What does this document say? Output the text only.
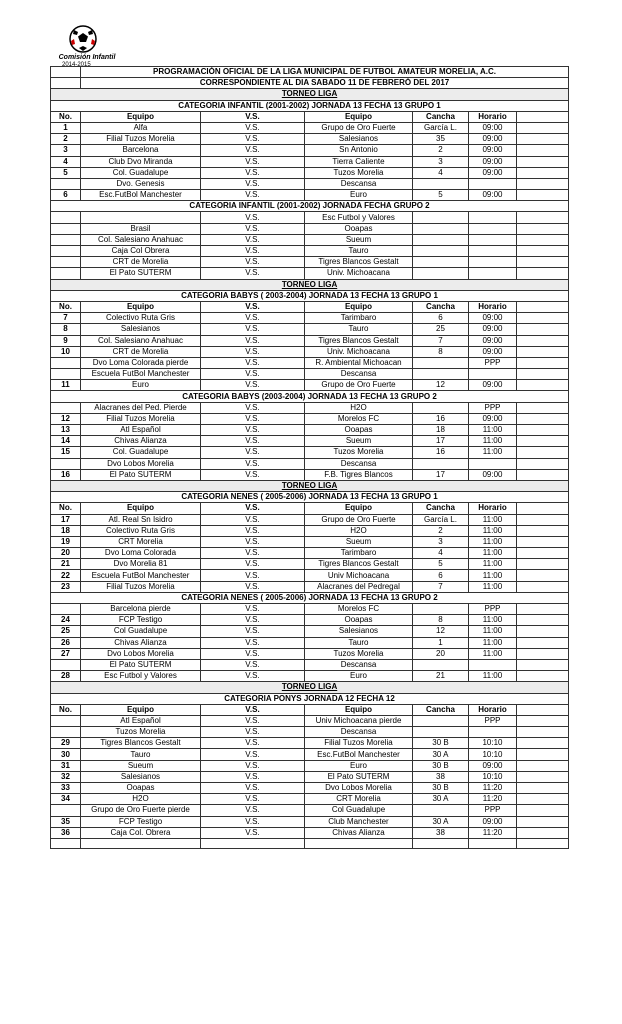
Comisión Infantil
2014-2015
	PROGRAMACIÓN OFICIAL DE LA LIGA MUNICIPAL DE FUTBOL AMATEUR MORELIA, A.C.					
	CORRESPONDIENTE AL DIA SABADO 11 DE FEBRERÓ DEL 2017					
TORNEO LIGA						
CATEGORIA INFANTIL (2001-2002) JORNADA 13 FECHA 13 GRUPO 1						
No.	Equipo	V.S.	Equipo	Cancha	Horario	
1	Alfa	V.S.	Grupo de Oro Fuerte	García L.	09:00	
2	Filial Tuzos Morelia	V.S.	Salesianos	35	09:00	
3	Barcelona	V.S.	Sn Antonio	2	09:00	
4	Club Dvo Miranda	V.S.	Tierra Caliente	3	09:00	
5	Col. Guadalupe	V.S.	Tuzos Morelia	4	09:00	
	Dvo. Genesis	V.S.	Descansa			
6	Esc.FutBol Manchester	V.S.	Euro	5	09:00	
CATEGORIA INFANTIL (2001-2002) JORNADA FECHA GRUPO 2						
		V.S.	Esc Futbol y Valores			
	Brasil	V.S.	Ooapas			
	Col. Salesiano Anahuac	V.S.	Sueum			
	Caja Col Obrera	V.S.	Tauro			
	CRT de Morelia	V.S.	Tigres Blancos Gestalt			
	El Pato SUTERM	V.S.	Univ. Michoacana			
TORNEO LIGA						
CATEGORIA BABYS ( 2003-2004) JORNADA 13 FECHA 13 GRUPO 1						
No.	Equipo	V.S.	Equipo	Cancha	Horario	
7	Colectivo Ruta Gris	V.S.	Tarimbaro	6	09:00	
8	Salesianos	V.S.	Tauro	25	09:00	
9	Col. Salesiano Anahuac	V.S.	Tigres Blancos Gestalt	7	09:00	
10	CRT de Morelia	V.S.	Univ. Michoacana	8	09:00	
	Dvo Loma Colorada pierde	V.S.	R. Ambiental Michoacan		PPP	
	Escuela FutBol Manchester	V.S.	Descansa			
11	Euro	V.S.	Grupo de Oro Fuerte	12	09:00	
CATEGORIA BABYS (2003-2004) JORNADA 13 FECHA 13 GRUPO 2						
	Alacranes del Ped. Pierde	V.S.	H2O		PPP	
12	Filial Tuzos Morelia	V.S.	Morelos FC	16	09:00	
13	Atl Español	V.S.	Ooapas	18	11:00	
14	Chivas Alianza	V.S.	Sueum	17	11:00	
15	Col. Guadalupe	V.S.	Tuzos Morelia	16	11:00	
	Dvo Lobos Morelia	V.S.	Descansa			
16	El Pato SUTERM	V.S.	F.B. Tigres Blancos	17	09:00	
TORNEO LIGA						
CATEGORIA NENES ( 2005-2006) JORNADA 13 FECHA 13 GRUPO 1						
No.	Equipo	V.S.	Equipo	Cancha	Horario	
17	Atl. Real Sn Isidro	V.S.	Grupo de Oro Fuerte	García L.	11:00	
18	Colectivo Ruta Gris	V.S.	H2O	2	11:00	
19	CRT Morelia	V.S.	Sueum	3	11:00	
20	Dvo Loma Colorada	V.S.	Tarimbaro	4	11:00	
21	Dvo Morelia 81	V.S.	Tigres Blancos Gestalt	5	11:00	
22	Escuela FutBol Manchester	V.S.	Univ Michoacana	6	11:00	
23	Filial Tuzos Morelia	V.S.	Alacranes del Pedregal	7	11:00	
CATEGORIA NENES ( 2005-2006) JORNADA 13 FECHA 13 GRUPO 2						
	Barcelona pierde	V.S.	Morelos FC		PPP	
24	FCP Testigo	V.S.	Ooapas	8	11:00	
25	Col Guadalupe	V.S.	Salesianos	12	11:00	
26	Chivas Alianza	V.S.	Tauro	1	11:00	
27	Dvo Lobos Morelia	V.S.	Tuzos Morelia	20	11:00	
	El Pato SUTERM	V.S.	Descansa			
28	Esc Futbol y Valores	V.S.	Euro	21	11:00	
TORNEO LIGA						
CATEGORIA PONYS JORNADA 12 FECHA 12						
No.	Equipo	V.S.	Equipo	Cancha	Horario	
	Atl Español	V.S.	Univ Michoacana pierde		PPP	
	Tuzos Morelia	V.S.	Descansa			
29	Tigres Blancos Gestalt	V.S.	Filial Tuzos Morelia	30 B	10:10	
30	Tauro	V.S.	Esc.FutBol Manchester	30 A	10:10	
31	Sueum	V.S.	Euro	30 B	09:00	
32	Salesianos	V.S.	El Pato SUTERM	38	10:10	
33	Ooapas	V.S.	Dvo Lobos Morelia	30 B	11:20	
34	H2O	V.S.	CRT Morelia	30 A	11:20	
	Grupo de Oro Fuerte pierde	V.S.	Col Guadalupe		PPP	
35	FCP Testigo	V.S.	Club Manchester	30 A	09:00	
36	Caja Col. Obrera	V.S.	Chivas Alianza	38	11:20	
